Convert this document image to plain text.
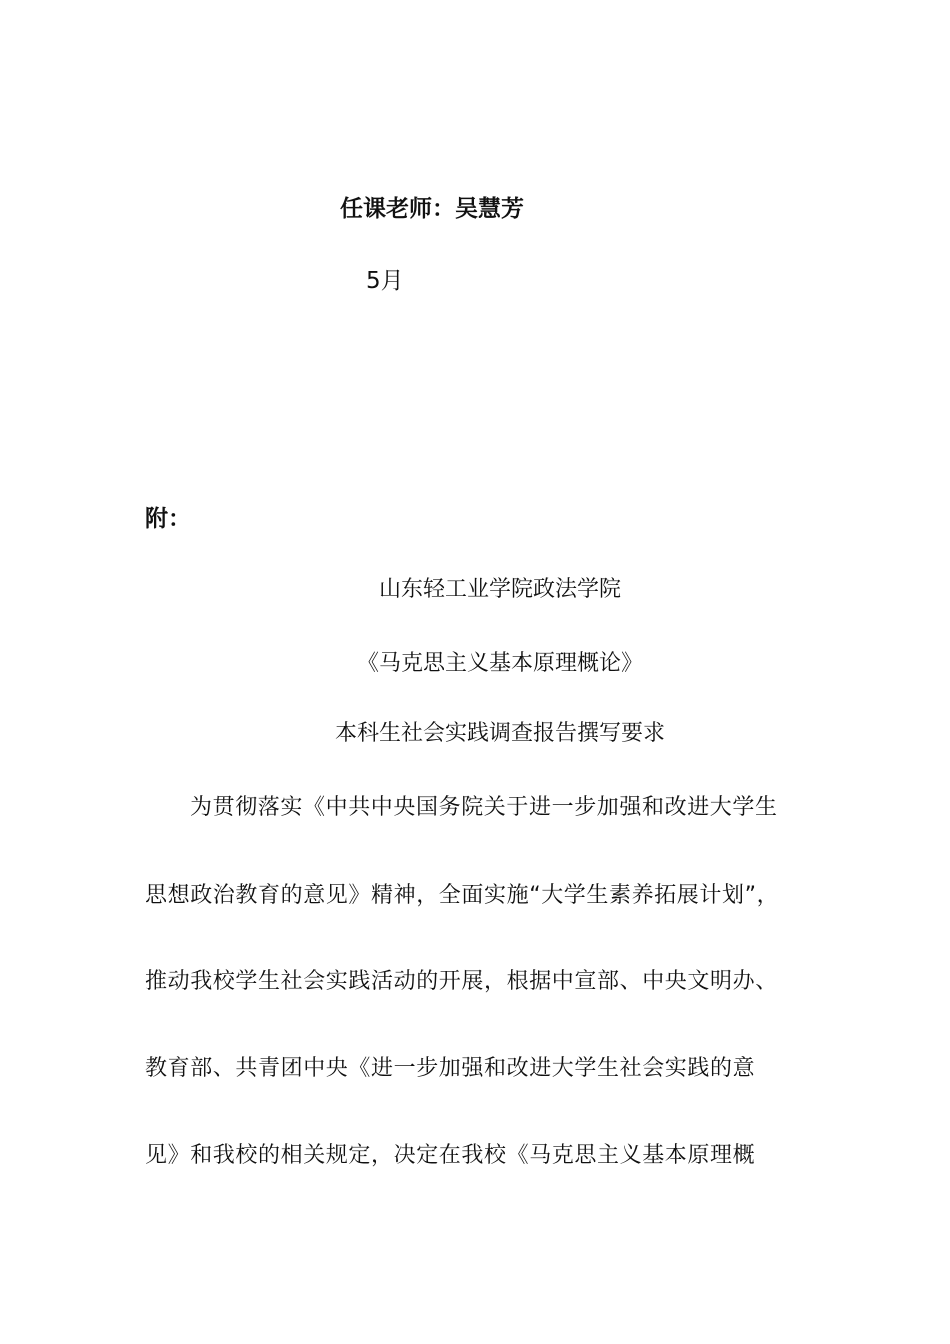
任课老师：吴慧芳
5月
附：
山东轻工业学院政法学院
《马克思主义基本原理概论》
本科生社会实践调查报告撰写要求
为贯彻落实《中共中央国务院关于进一步加强和改进大学生
思想政治教育的意见》精神，全面实施“大学生素养拓展计划”，
推动我校学生社会实践活动的开展，根据中宣部、中央文明办、
教育部、共青团中央《进一步加强和改进大学生社会实践的意
见》和我校的相关规定，决定在我校《马克思主义基本原理概
